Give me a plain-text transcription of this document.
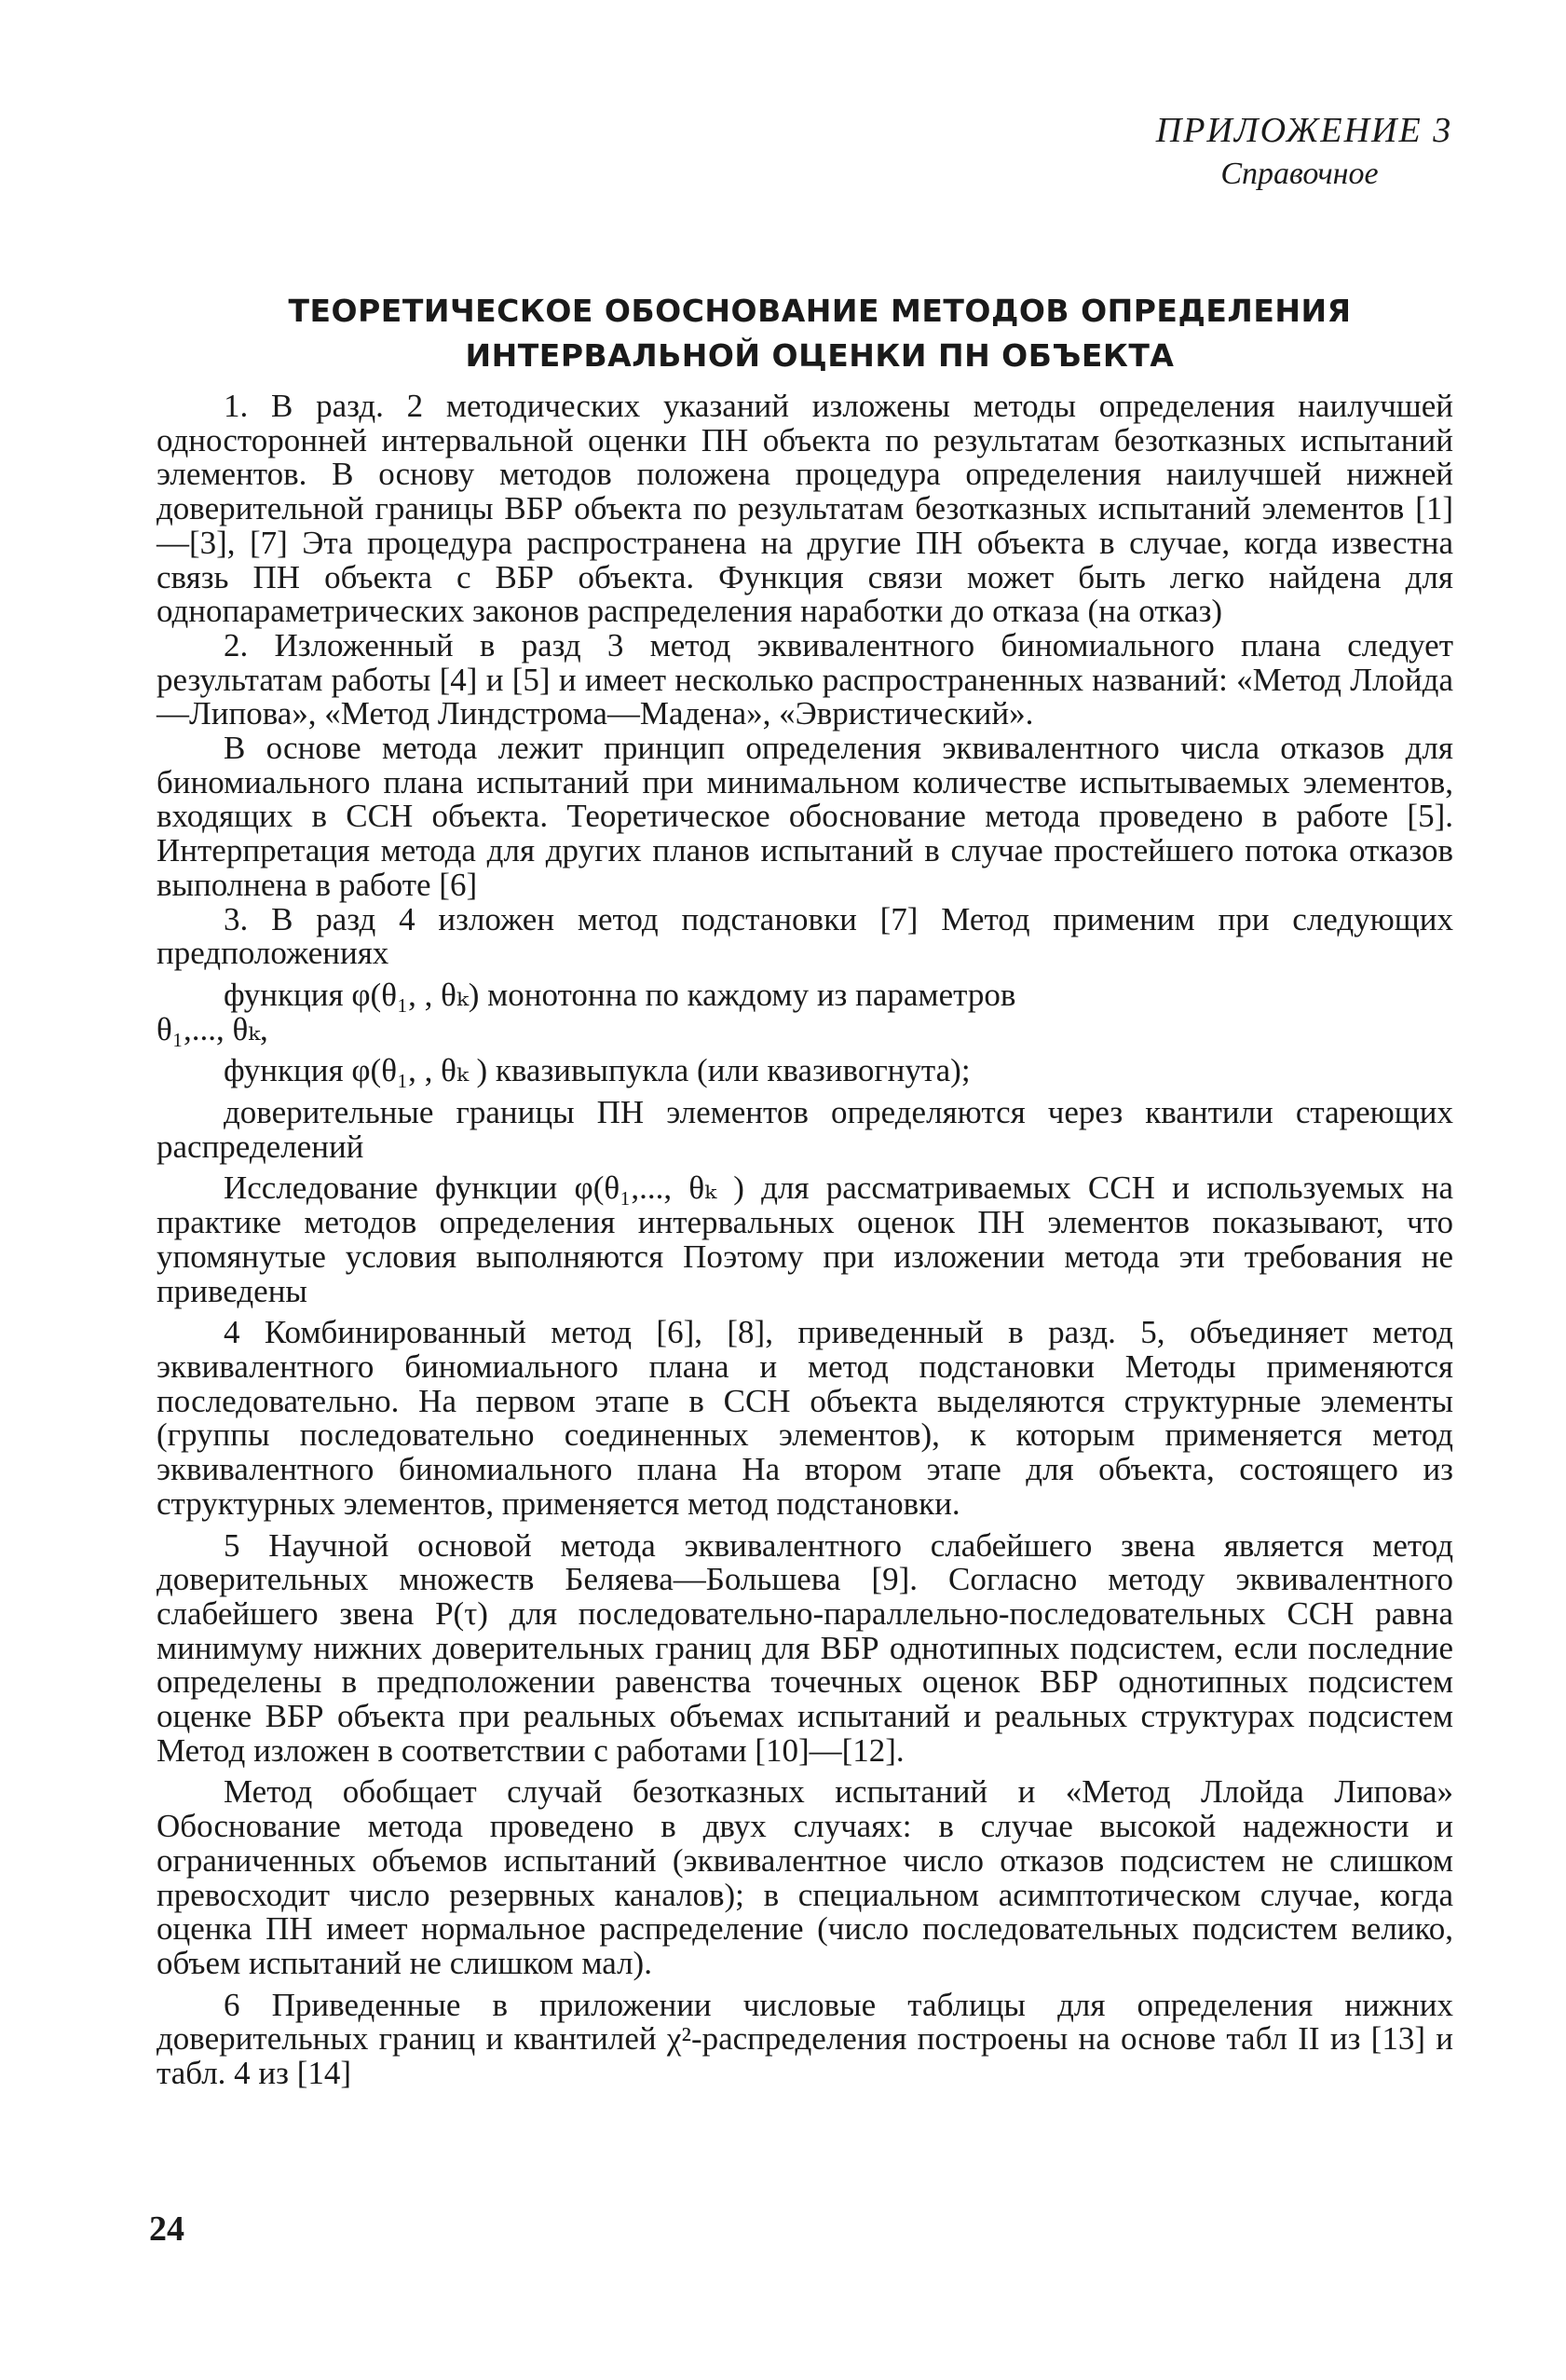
ПРИЛОЖЕНИЕ 3
Справочное
ТЕОРЕТИЧЕСКОЕ ОБОСНОВАНИЕ МЕТОДОВ ОПРЕДЕЛЕНИЯ
ИНТЕРВАЛЬНОЙ ОЦЕНКИ ПН ОБЪЕКТА

1. В разд. 2 методических указаний изложены методы определения наилучшей односторонней интервальной оценки ПН объекта по результатам безотказных испытаний элементов. В основу методов положена процедура определения наилучшей нижней доверительной границы ВБР объекта по результатам безотказных испытаний элементов [1]—[3], [7] Эта процедура распространена на другие ПН объекта в случае, когда известна связь ПН объекта с ВБР объекта. Функция связи может быть легко найдена для однопараметрических законов распределения наработки до отказа (на отказ)

2. Изложенный в разд 3 метод эквивалентного биномиального плана следует результатам работы [4] и [5] и имеет несколько распространенных названий: «Метод Ллойда—Липова», «Метод Линдстрома—Мадена», «Эвристический».

В основе метода лежит принцип определения эквивалентного числа отказов для биномиального плана испытаний при минимальном количестве испытываемых элементов, входящих в ССН объекта. Теоретическое обоснование метода проведено в работе [5]. Интерпретация метода для других планов испытаний в случае простейшего потока отказов выполнена в работе [6]

3. В разд 4 изложен метод подстановки [7] Метод применим при следующих предположениях

функция φ(θ₁, , θₖ) монотонна по каждому из параметров

θ₁,..., θₖ,

функция φ(θ₁, , θₖ ) квазивыпукла (или квазивогнута);

доверительные границы ПН элементов определяются через квантили стареющих распределений

Исследование функции φ(θ₁,..., θₖ ) для рассматриваемых ССН и используемых на практике методов определения интервальных оценок ПН элементов показывают, что упомянутые условия выполняются Поэтому при изложении метода эти требования не приведены

4 Комбинированный метод [6], [8], приведенный в разд. 5, объединяет метод эквивалентного биномиального плана и метод подстановки Методы применяются последовательно. На первом этапе в ССН объекта выделяются структурные элементы (группы последовательно соединенных элементов), к которым применяется метод эквивалентного биномиального плана На втором этапе для объекта, состоящего из структурных элементов, применяется метод подстановки.

5 Научной основой метода эквивалентного слабейшего звена является метод доверительных множеств Беляева—Большева [9]. Согласно методу эквивалентного слабейшего звена P(τ) для последовательно-параллельно-последовательных ССН равна минимуму нижних доверительных границ для ВБР однотипных подсистем, если последние определены в предположении равенства точечных оценок ВБР однотипных подсистем оценке ВБР объекта при реальных объемах испытаний и реальных структурах подсистем Метод изложен в соответствии с работами [10]—[12].

Метод обобщает случай безотказных испытаний и «Метод Ллойда Липова» Обоснование метода проведено в двух случаях: в случае высокой надежности и ограниченных объемов испытаний (эквивалентное число отказов подсистем не слишком превосходит число резервных каналов); в специальном асимптотическом случае, когда оценка ПН имеет нормальное распределение (число последовательных подсистем велико, объем испытаний не слишком мал).

6 Приведенные в приложении числовые таблицы для определения нижних доверительных границ и квантилей χ²-распределения построены на основе табл II из [13] и табл. 4 из [14]

24
